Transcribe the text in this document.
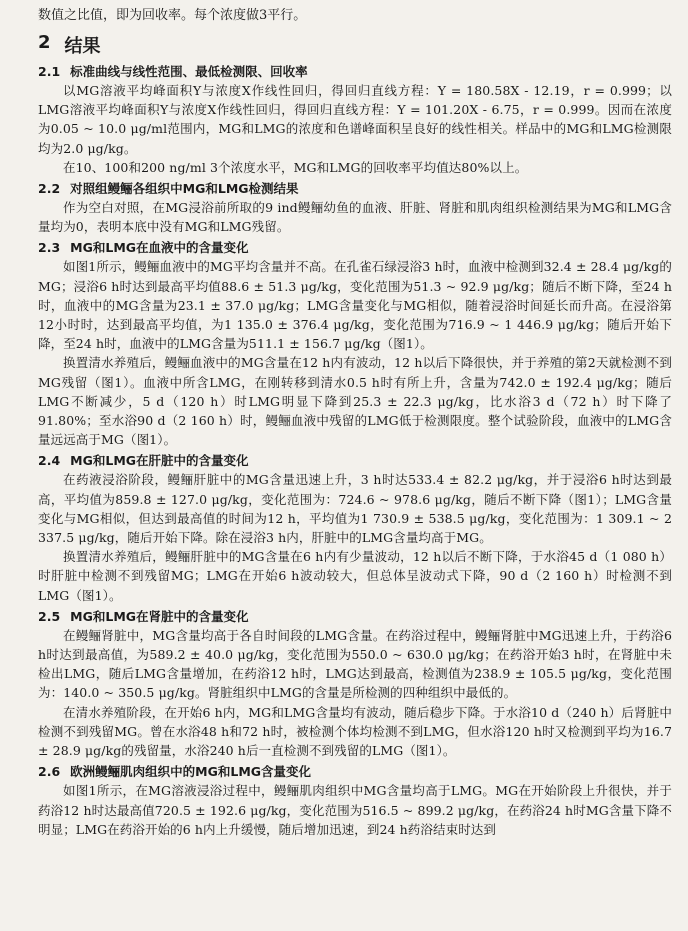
数值之比值，即为回收率。每个浓度做3平行。

2 结果
2.1 标准曲线与线性范围、最低检测限、回收率

以MG溶液平均峰面积Y与浓度X作线性回归，得回归直线方程：Y = 180.58X - 12.19，r = 0.999；以LMG溶液平均峰面积Y与浓度X作线性回归，得回归直线方程：Y = 101.20X - 6.75，r = 0.999。因而在浓度为0.05 ~ 10.0 μg/ml范围内，MG和LMG的浓度和色谱峰面积呈良好的线性相关。样品中的MG和LMG检测限均为2.0 μg/kg。

在10、100和200 ng/ml 3个浓度水平，MG和LMG的回收率平均值达80%以上。

2.2 对照组鳗鲡各组织中MG和LMG检测结果

作为空白对照，在MG浸浴前所取的9 ind鳗鲡幼鱼的血液、肝脏、肾脏和肌肉组织检测结果为MG和LMG含量均为0，表明本底中没有MG和LMG残留。

2.3 MG和LMG在血液中的含量变化

如图1所示，鳗鲡血液中的MG平均含量并不高。在孔雀石绿浸浴3 h时，血液中检测到32.4 ± 28.4 μg/kg的MG；浸浴6 h时达到最高平均值88.6 ± 51.3 μg/kg，变化范围为51.3 ~ 92.9 μg/kg；随后不断下降，至24 h时，血液中的MG含量为23.1 ± 37.0 μg/kg；LMG含量变化与MG相似，随着浸浴时间延长而升高。在浸浴第12小时时，达到最高平均值，为1 135.0 ± 376.4 μg/kg，变化范围为716.9 ~ 1 446.9 μg/kg；随后开始下降，至24 h时，血液中的LMG含量为511.1 ± 156.7 μg/kg（图1）。

换置清水养殖后，鳗鲡血液中的MG含量在12 h内有波动，12 h以后下降很快，并于养殖的第2天就检测不到MG残留（图1）。血液中所含LMG，在刚转移到清水0.5 h时有所上升，含量为742.0 ± 192.4 μg/kg；随后LMG不断减少，5 d（120 h）时LMG明显下降到25.3 ± 22.3 μg/kg，比水浴3 d（72 h）时下降了91.80%；至水浴90 d（2 160 h）时，鳗鲡血液中残留的LMG低于检测限度。整个试验阶段，血液中的LMG含量远远高于MG（图1）。

2.4 MG和LMG在肝脏中的含量变化

在药液浸浴阶段，鳗鲡肝脏中的MG含量迅速上升，3 h时达533.4 ± 82.2 μg/kg，并于浸浴6 h时达到最高，平均值为859.8 ± 127.0 μg/kg，变化范围为：724.6 ~ 978.6 μg/kg，随后不断下降（图1）；LMG含量变化与MG相似，但达到最高值的时间为12 h，平均值为1 730.9 ± 538.5 μg/kg，变化范围为：1 309.1 ~ 2 337.5 μg/kg，随后开始下降。除在浸浴3 h内，肝脏中的LMG含量均高于MG。

换置清水养殖后，鳗鲡肝脏中的MG含量在6 h内有少量波动，12 h以后不断下降，于水浴45 d（1 080 h）时肝脏中检测不到残留MG；LMG在开始6 h波动较大，但总体呈波动式下降，90 d（2 160 h）时检测不到LMG（图1）。

2.5 MG和LMG在肾脏中的含量变化

在鳗鲡肾脏中，MG含量均高于各自时间段的LMG含量。在药浴过程中，鳗鲡肾脏中MG迅速上升，于药浴6 h时达到最高值，为589.2 ± 40.0 μg/kg，变化范围为550.0 ~ 630.0 μg/kg；在药浴开始3 h时，在肾脏中未检出LMG，随后LMG含量增加，在药浴12 h时，LMG达到最高，检测值为238.9 ± 105.5 μg/kg，变化范围为：140.0 ~ 350.5 μg/kg。肾脏组织中LMG的含量是所检测的四种组织中最低的。

在清水养殖阶段，在开始6 h内，MG和LMG含量均有波动，随后稳步下降。于水浴10 d（240 h）后肾脏中检测不到残留MG。曾在水浴48 h和72 h时，被检测个体均检测不到LMG，但水浴120 h时又检测到平均为16.7 ± 28.9 μg/kg的残留量，水浴240 h后一直检测不到残留的LMG（图1）。

2.6 欧洲鳗鲡肌肉组织中的MG和LMG含量变化

如图1所示，在MG溶液浸浴过程中，鳗鲡肌肉组织中MG含量均高于LMG。MG在开始阶段上升很快，并于药浴12 h时达最高值720.5 ± 192.6 μg/kg，变化范围为516.5 ~ 899.2 μg/kg，在药浴24 h时MG含量下降不明显；LMG在药浴开始的6 h内上升缓慢，随后增加迅速，到24 h药浴结束时达到
